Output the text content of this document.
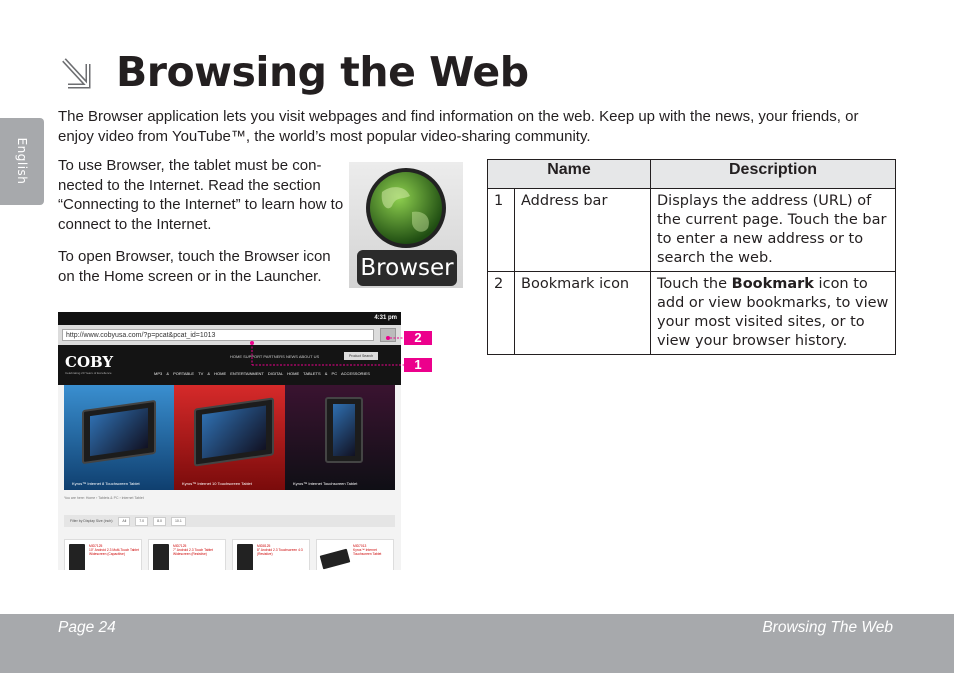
English
Browsing the Web

The Browser application lets you visit webpages and find information on the web. Keep up with the news, your friends, or enjoy video from YouTube™, the world’s most popular video-sharing community.

To use Browser, the tablet must be con-nected to the Internet. Read the section “Connecting to the Internet” to learn how to connect to the Internet.

To open Browser, touch the Browser icon on the Home screen or in the Launcher.	Browser
4:31 pm
http://www.cobyusa.com/?p=pcat&pcat_id=1013
COBY
Celebrating 20 Years of Excellence
HOME SUPPORT PARTNERS NEWS ABOUT US	Product Search
MP3 & PORTABLE TV & HOME ENTERTAINMENT DIGITAL HOME TABLETS & PC ACCESSORIES
Kyros™ Internet 8 Touchscreen Tablet	Kyros™ Internet 10 Touchscreen Tablet	Kyros™ Internet Touchscreen Tablet
You are here: Home › Tablets & PC › Internet Tablet
Filter by Display Size (inch):	All	7.0	8.0	10.1
MID7125
10" Android 2.3 Multi-Touch Tablet Widescreen (Capacitive)
MID7125
7" Android 2.3 Touch Tablet Widescreen (Resistive)
MID8125
8" Android 2.3 Touchscreen 4:3 (Resistive)
MID7013
Kyros™ Internet Touchscreen Tablet
2
1
Name		Description
1	Address bar	Displays the address (URL) of the current page. Touch the bar to enter a new address or to search the web.
2	Bookmark icon	Touch the Bookmark icon to add or view bookmarks, to view your most visited sites, or to view your browser history.
Page 24	Browsing The Web
